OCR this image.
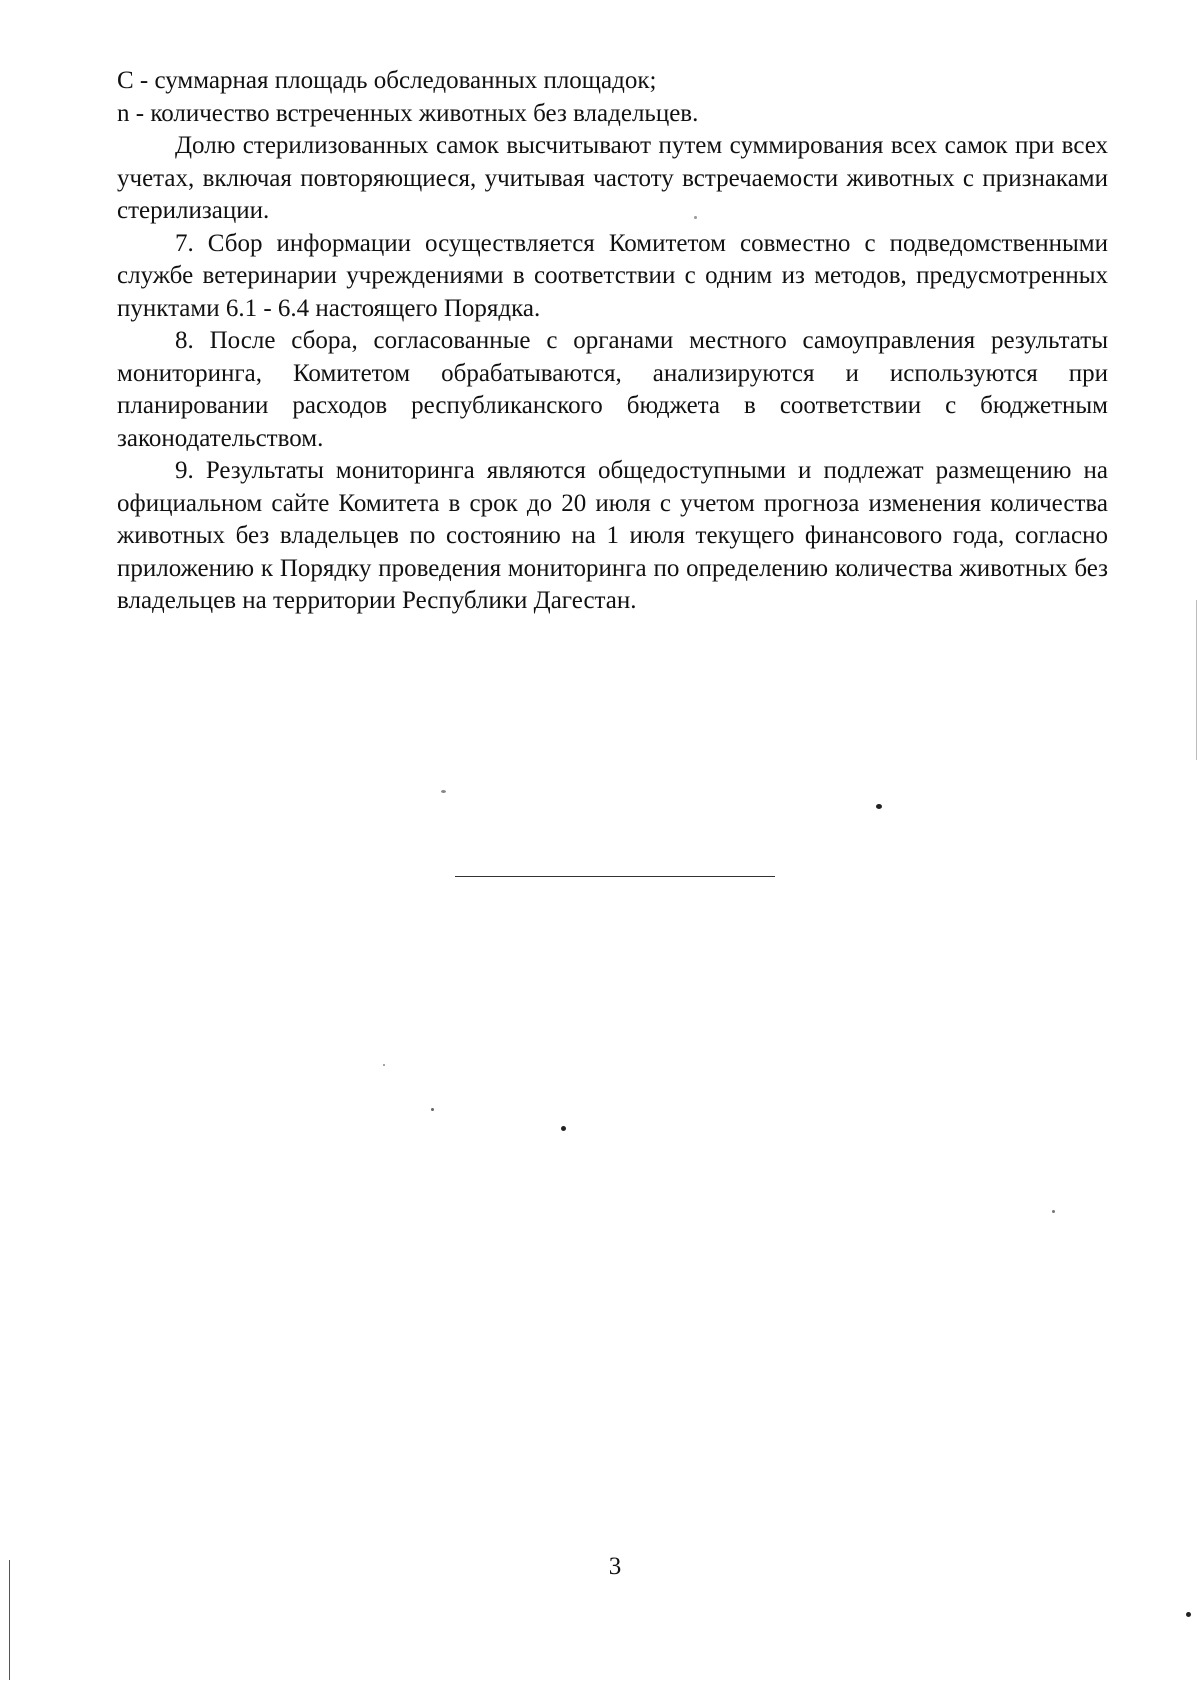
С - суммарная площадь обследованных площадок;

n - количество встреченных животных без владельцев.

Долю стерилизованных самок высчитывают путем суммирования всех самок при всех учетах, включая повторяющиеся, учитывая частоту встречаемости животных с признаками стерилизации.

7. Сбор информации осуществляется Комитетом совместно с подведомственными службе ветеринарии учреждениями в соответствии с одним из методов, предусмотренных пунктами 6.1 - 6.4 настоящего Порядка.

8. После сбора, согласованные с органами местного самоуправления результаты мониторинга, Комитетом обрабатываются, анализируются и используются при планировании расходов республиканского бюджета в соответствии с бюджетным законодательством.

9. Результаты мониторинга являются общедоступными и подлежат размещению на официальном сайте Комитета в срок до 20 июля с учетом прогноза изменения количества животных без владельцев по состоянию на 1 июля текущего финансового года, согласно приложению к Порядку проведения мониторинга по определению количества животных без владельцев на территории Республики Дагестан.

3
